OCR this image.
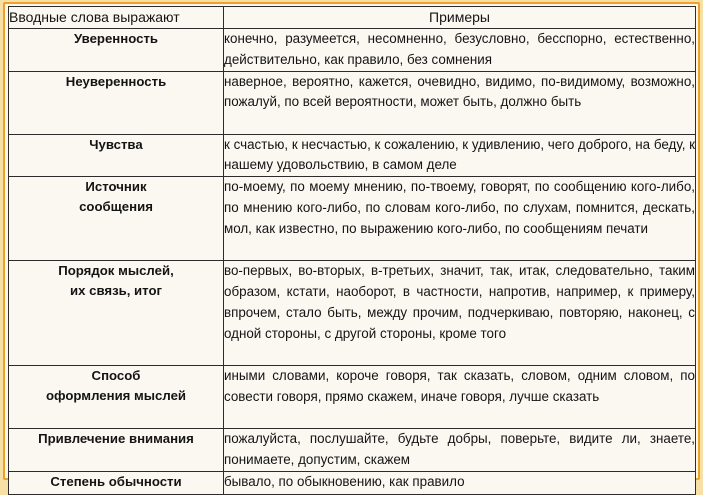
Вводные слова выражают	Примеры

Уверенность	конечно, разумеется, несомненно, безусловно, бесспорно, естественно, действительно, как правило, без сомнения

Неуверенность	наверное, вероятно, кажется, очевидно, видимо, по-видимому, возможно, пожалуй, по всей вероятности, может быть, должно быть

Чувства	к счастью, к несчастью, к сожалению, к удивлению, чего доброго, на беду, к нашему удовольствию, в самом деле

Источник
сообщения	по-моему, по моему мнению, по-твоему, говорят, по сообщению кого-либо, по мнению кого-либо, по словам кого-либо, по слухам, помнится, дескать, мол, как известно, по выражению кого-либо, по сообщениям печати

Порядок мыслей,
их связь, итог	во-первых, во-вторых, в-третьих, значит, так, итак, следовательно, таким образом, кстати, наоборот, в частности, напротив, например, к примеру, впрочем, стало быть, между прочим, подчеркиваю, повторяю, наконец, с одной стороны, с другой стороны, кроме того

Способ
оформления мыслей	иными словами, короче говоря, так сказать, словом, одним словом, по совести говоря, прямо скажем, иначе говоря, лучше сказать

Привлечение внимания	пожалуйста, послушайте, будьте добры, поверьте, видите ли, знаете, понимаете, допустим, скажем

Степень обычности	бывало, по обыкновению, как правило
